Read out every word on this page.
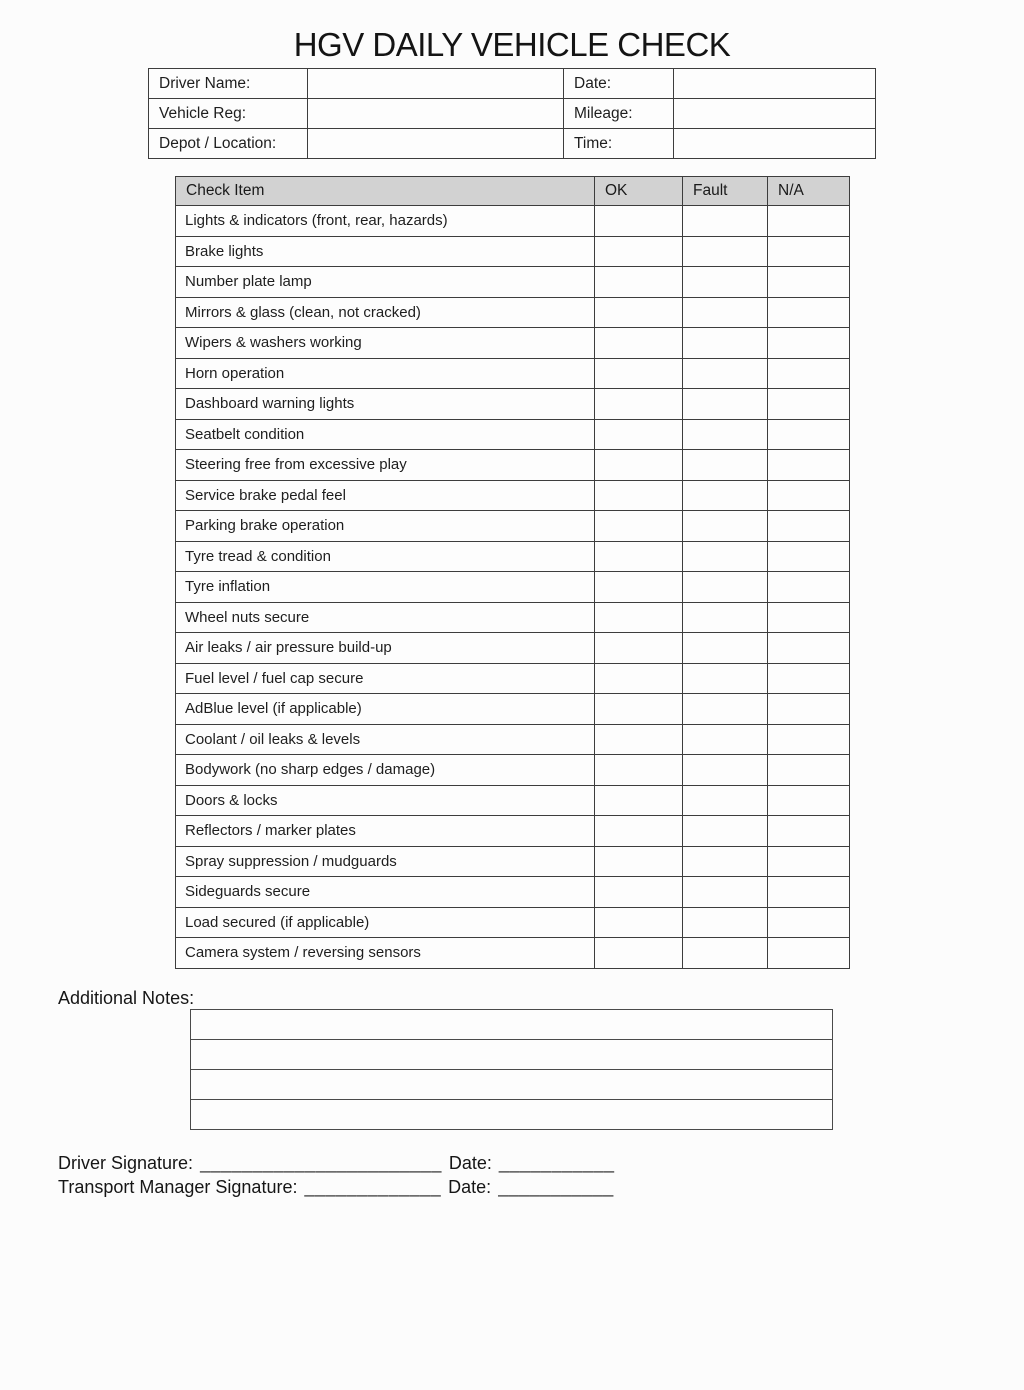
HGV DAILY VEHICLE CHECK
Driver Name:		Date:	
Vehicle Reg:		Mileage:	
Depot / Location:		Time:	
Check Item	OK	Fault	N/A
Lights & indicators (front, rear, hazards)			
Brake lights			
Number plate lamp			
Mirrors & glass (clean, not cracked)			
Wipers & washers working			
Horn operation			
Dashboard warning lights			
Seatbelt condition			
Steering free from excessive play			
Service brake pedal feel			
Parking brake operation			
Tyre tread & condition			
Tyre inflation			
Wheel nuts secure			
Air leaks / air pressure build-up			
Fuel level / fuel cap secure			
AdBlue level (if applicable)			
Coolant / oil leaks & levels			
Bodywork (no sharp edges / damage)			
Doors & locks			
Reflectors / marker plates			
Spray suppression / mudguards			
Sideguards secure			
Load secured (if applicable)			
Camera system / reversing sensors			
Additional Notes:
Driver Signature: _______________________ Date: ___________
Transport Manager Signature: _____________ Date: ___________
